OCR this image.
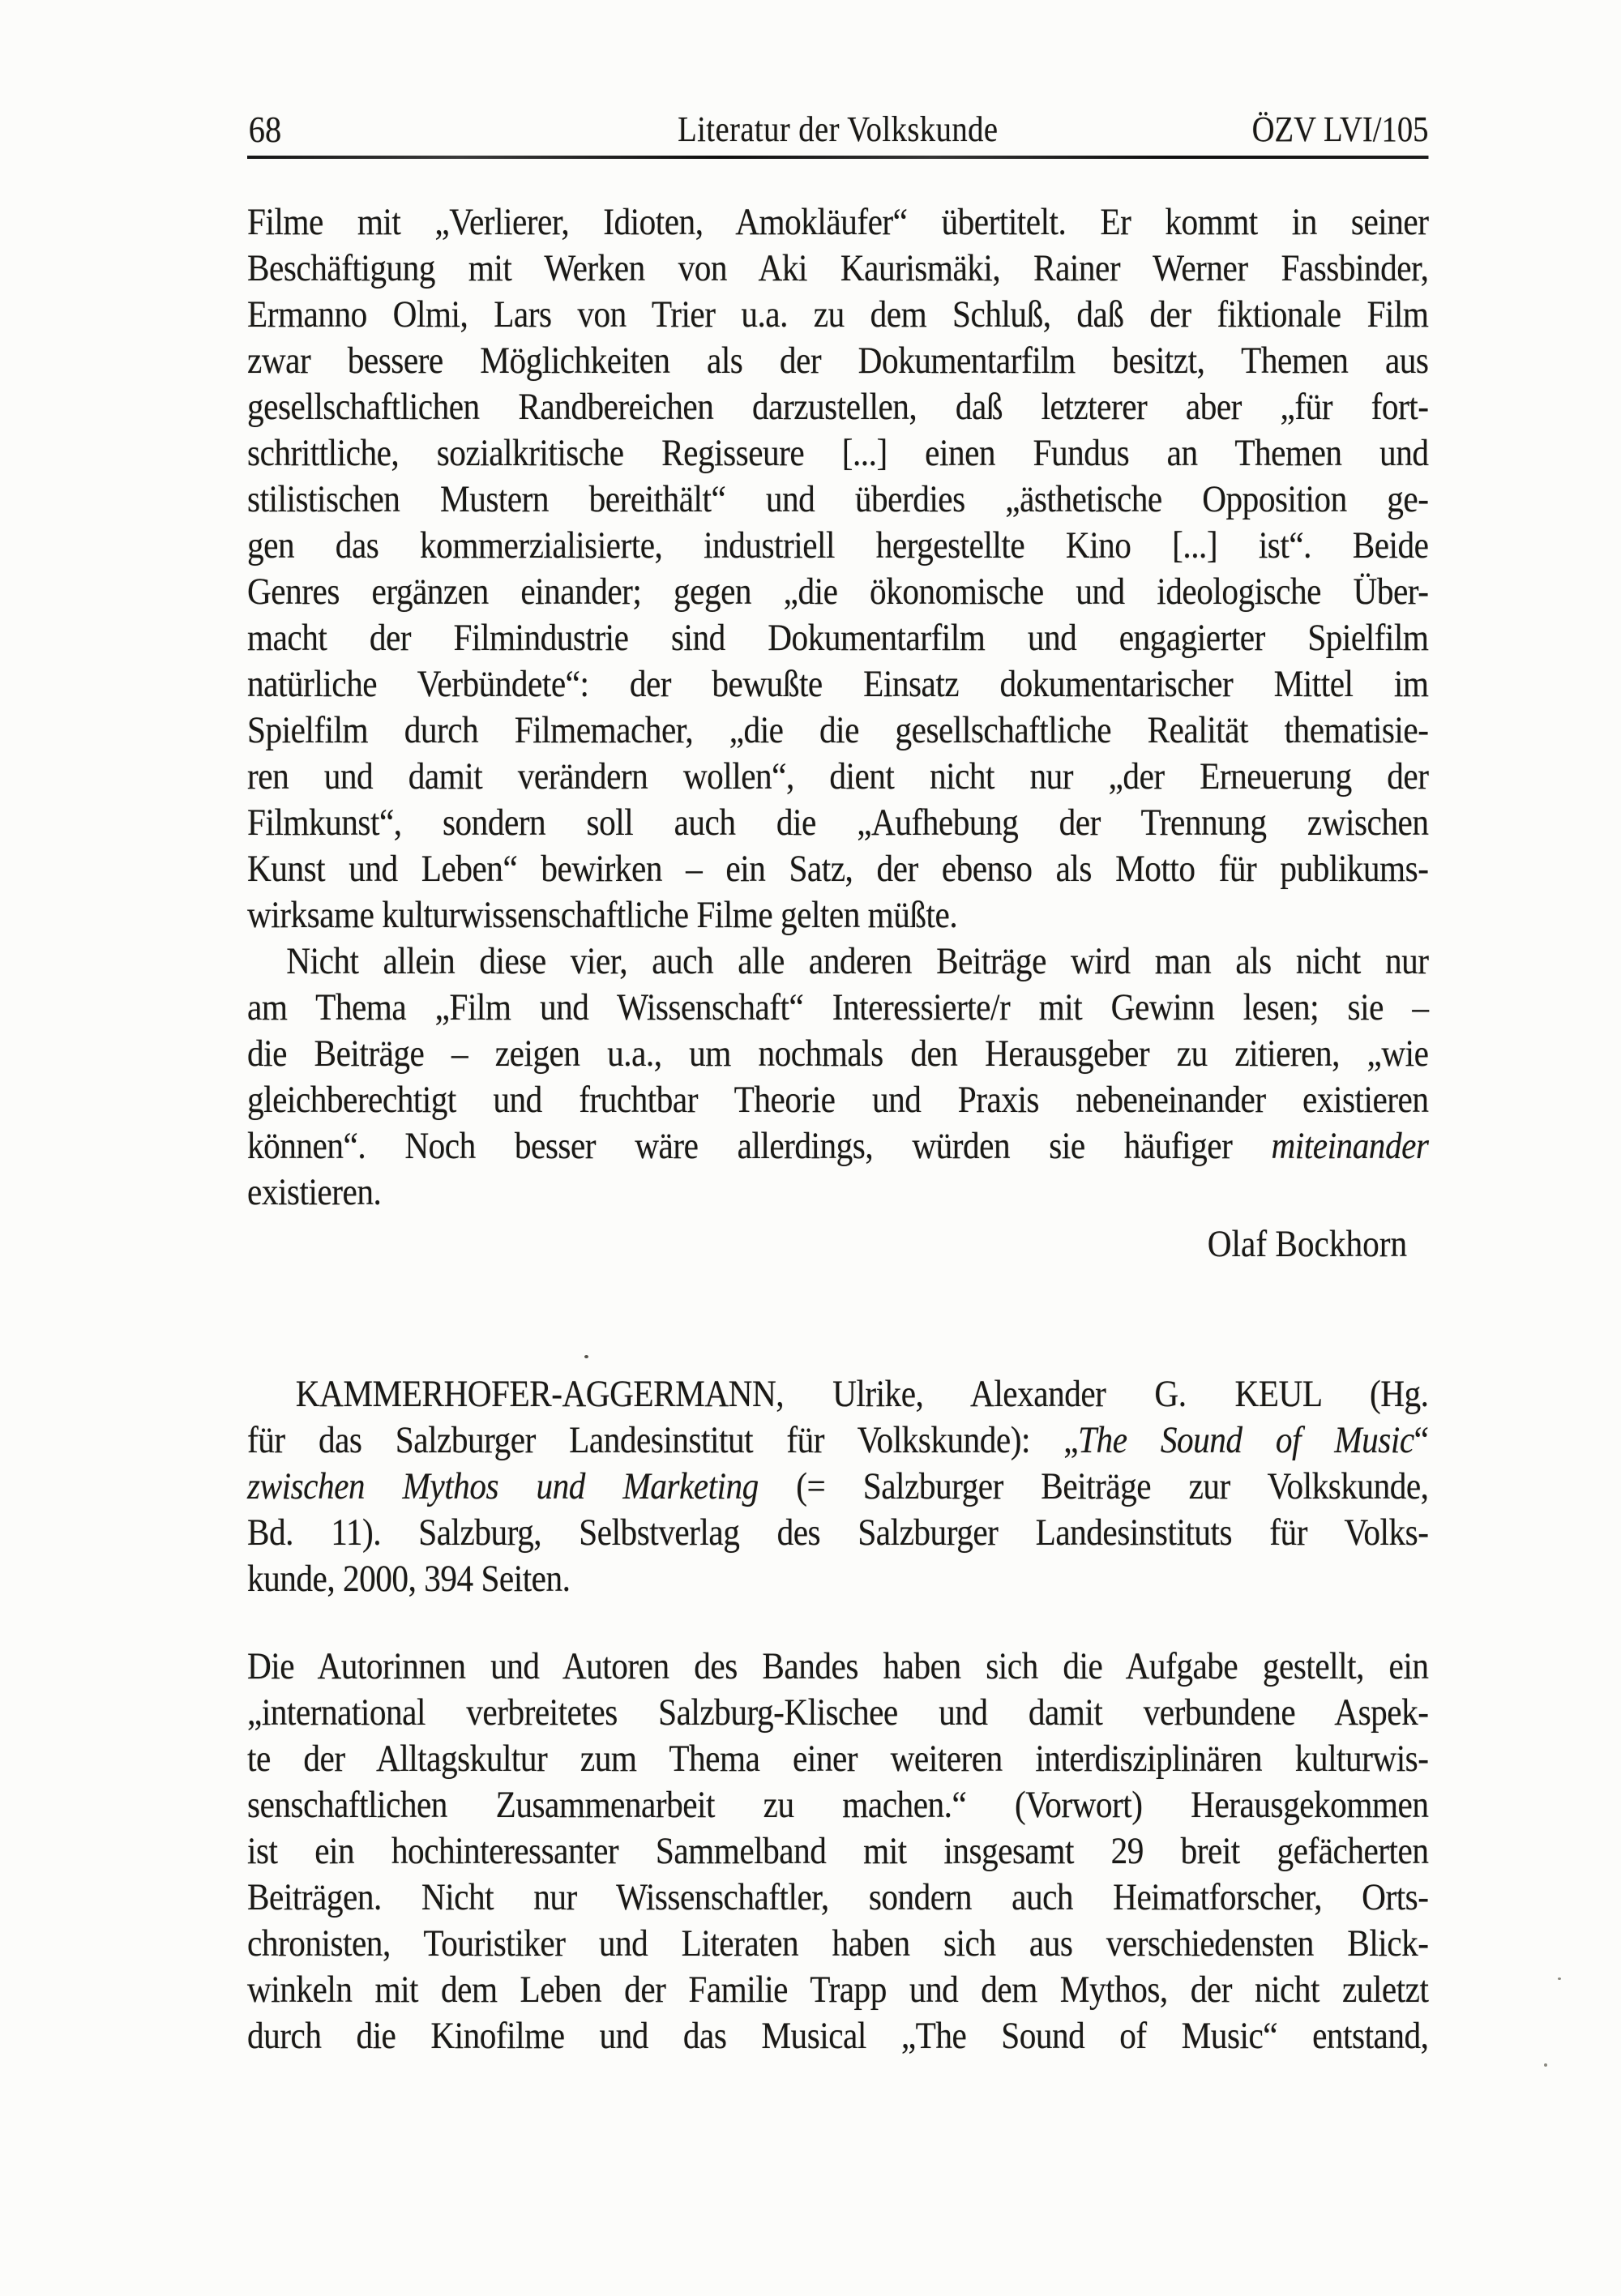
68	Literatur der Volkskunde	ÖZV LVI/105
Filme mit „Verlierer, Idioten, Amokläufer“ übertitelt. Er kommt in seiner
Beschäftigung mit Werken von Aki Kaurismäki, Rainer Werner Fassbinder,
Ermanno Olmi, Lars von Trier u.a. zu dem Schluß, daß der fiktionale Film
zwar bessere Möglichkeiten als der Dokumentarfilm besitzt, Themen aus
gesellschaftlichen Randbereichen darzustellen, daß letzterer aber „für fort-
schrittliche, sozialkritische Regisseure [...] einen Fundus an Themen und
stilistischen Mustern bereithält“ und überdies „ästhetische Opposition ge-
gen das kommerzialisierte, industriell hergestellte Kino [...] ist“. Beide
Genres ergänzen einander; gegen „die ökonomische und ideologische Über-
macht der Filmindustrie sind Dokumentarfilm und engagierter Spielfilm
natürliche Verbündete“: der bewußte Einsatz dokumentarischer Mittel im
Spielfilm durch Filmemacher, „die die gesellschaftliche Realität thematisie-
ren und damit verändern wollen“, dient nicht nur „der Erneuerung der
Filmkunst“, sondern soll auch die „Aufhebung der Trennung zwischen
Kunst und Leben“ bewirken – ein Satz, der ebenso als Motto für publikums-
wirksame kulturwissenschaftliche Filme gelten müßte.
Nicht allein diese vier, auch alle anderen Beiträge wird man als nicht nur
am Thema „Film und Wissenschaft“ Interessierte/r mit Gewinn lesen; sie –
die Beiträge – zeigen u.a., um nochmals den Herausgeber zu zitieren, „wie
gleichberechtigt und fruchtbar Theorie und Praxis nebeneinander existieren
können“. Noch besser wäre allerdings, würden sie häufiger miteinander
existieren.
Olaf Bockhorn
KAMMERHOFER-AGGERMANN, Ulrike, Alexander G. KEUL (Hg.
für das Salzburger Landesinstitut für Volkskunde): „The Sound of Music“
zwischen Mythos und Marketing (= Salzburger Beiträge zur Volkskunde,
Bd. 11). Salzburg, Selbstverlag des Salzburger Landesinstituts für Volks-
kunde, 2000, 394 Seiten.
Die Autorinnen und Autoren des Bandes haben sich die Aufgabe gestellt, ein
„international verbreitetes Salzburg-Klischee und damit verbundene Aspek-
te der Alltagskultur zum Thema einer weiteren interdisziplinären kulturwis-
senschaftlichen Zusammenarbeit zu machen.“ (Vorwort) Herausgekommen
ist ein hochinteressanter Sammelband mit insgesamt 29 breit gefächerten
Beiträgen. Nicht nur Wissenschaftler, sondern auch Heimatforscher, Orts-
chronisten, Touristiker und Literaten haben sich aus verschiedensten Blick-
winkeln mit dem Leben der Familie Trapp und dem Mythos, der nicht zuletzt
durch die Kinofilme und das Musical „The Sound of Music“ entstand,
